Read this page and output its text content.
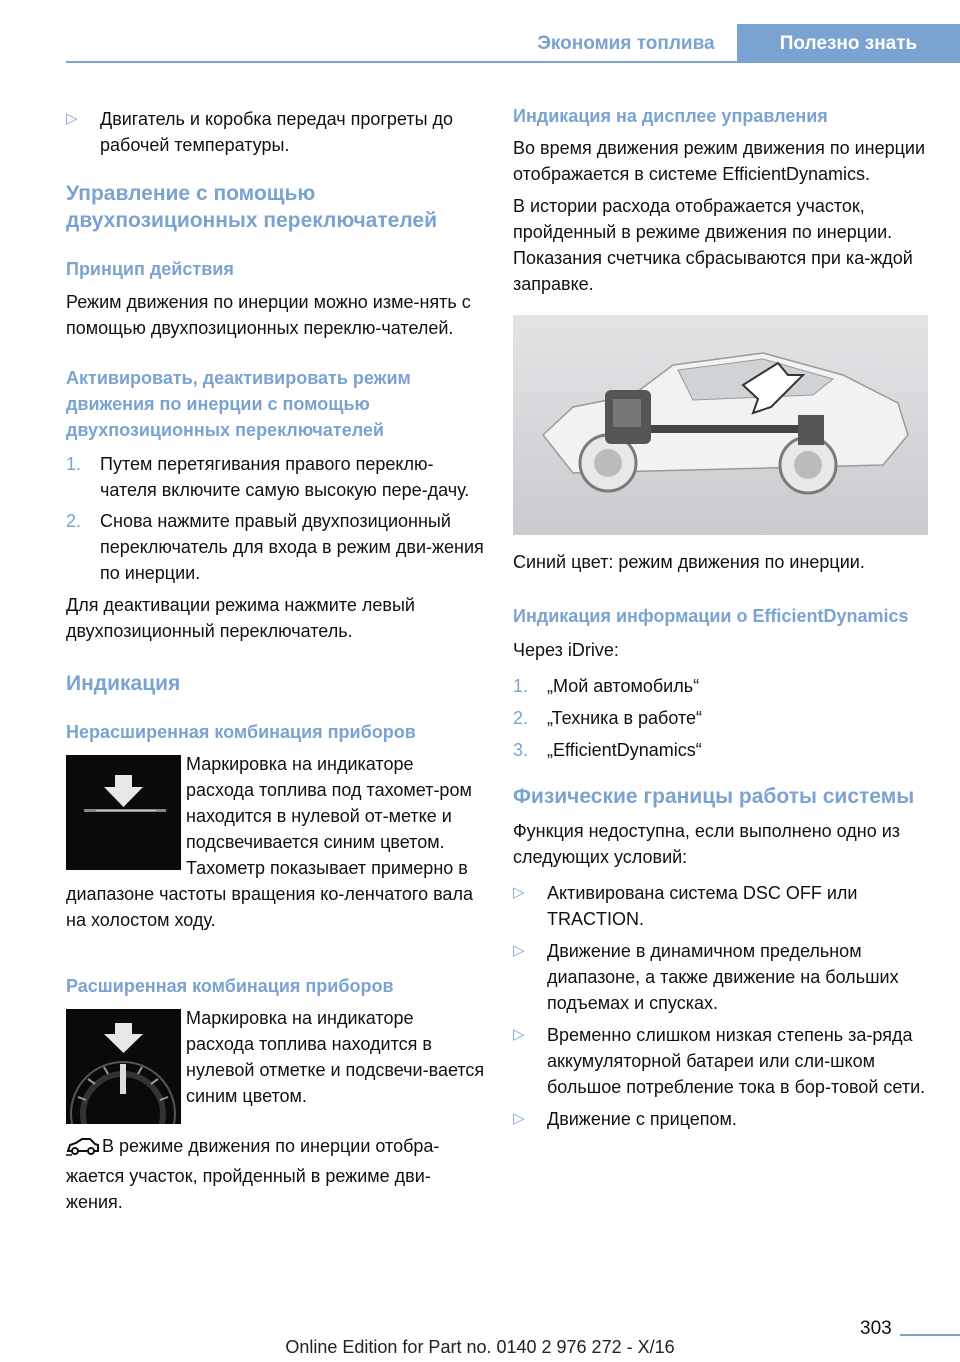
Экономия топлива	Полезно знать
▷ Двигатель и коробка передач прогреты до рабочей температуры.
Управление с помощью двухпозиционных переключателей
Принцип действия

Режим движения по инерции можно изме-нять с помощью двухпозиционных переклю-чателей.

Активировать, деактивировать режим движения по инерции с помощью двухпозиционных переключателей
1. Путем перетягивания правого переклю-чателя включите самую высокую пере-дачу.
2. Снова нажмите правый двухпозиционный переключатель для входа в режим дви-жения по инерции.

Для деактивации режима нажмите левый двухпозиционный переключатель.

Индикация
Нерасширенная комбинация приборов

Маркировка на индикаторе расхода топлива под тахомет-ром находится в нулевой от-метке и подсвечивается синим цветом. Тахометр показывает примерно в диапазоне частоты вращения ко-ленчатого вала на холостом ходу.

Расширенная комбинация приборов

Маркировка на индикаторе расхода топлива находится в нулевой отметке и подсвечи-вается синим цветом.

В режиме движения по инерции отобра-жается участок, пройденный в режиме дви-жения.

Индикация на дисплее управления

Во время движения режим движения по инерции отображается в системе EfficientDynamics.

В истории расхода отображается участок, пройденный в режиме движения по инерции. Показания счетчика сбрасываются при ка-ждой заправке.

Синий цвет: режим движения по инерции.

Индикация информации о EfficientDynamics

Через iDrive:

1. „Мой автомобиль“
2. „Техника в работе“
3. „EfficientDynamics“
Физические границы работы системы

Функция недоступна, если выполнено одно из следующих условий:

▷ Активирована система DSC OFF или TRACTION.
▷ Движение в динамичном предельном диапазоне, а также движение на больших подъемах и спусках.
▷ Временно слишком низкая степень за-ряда аккумуляторной батареи или сли-шком большое потребление тока в бор-товой сети.
▷ Движение с прицепом.
303
Online Edition for Part no. 0140 2 976 272 - X/16
